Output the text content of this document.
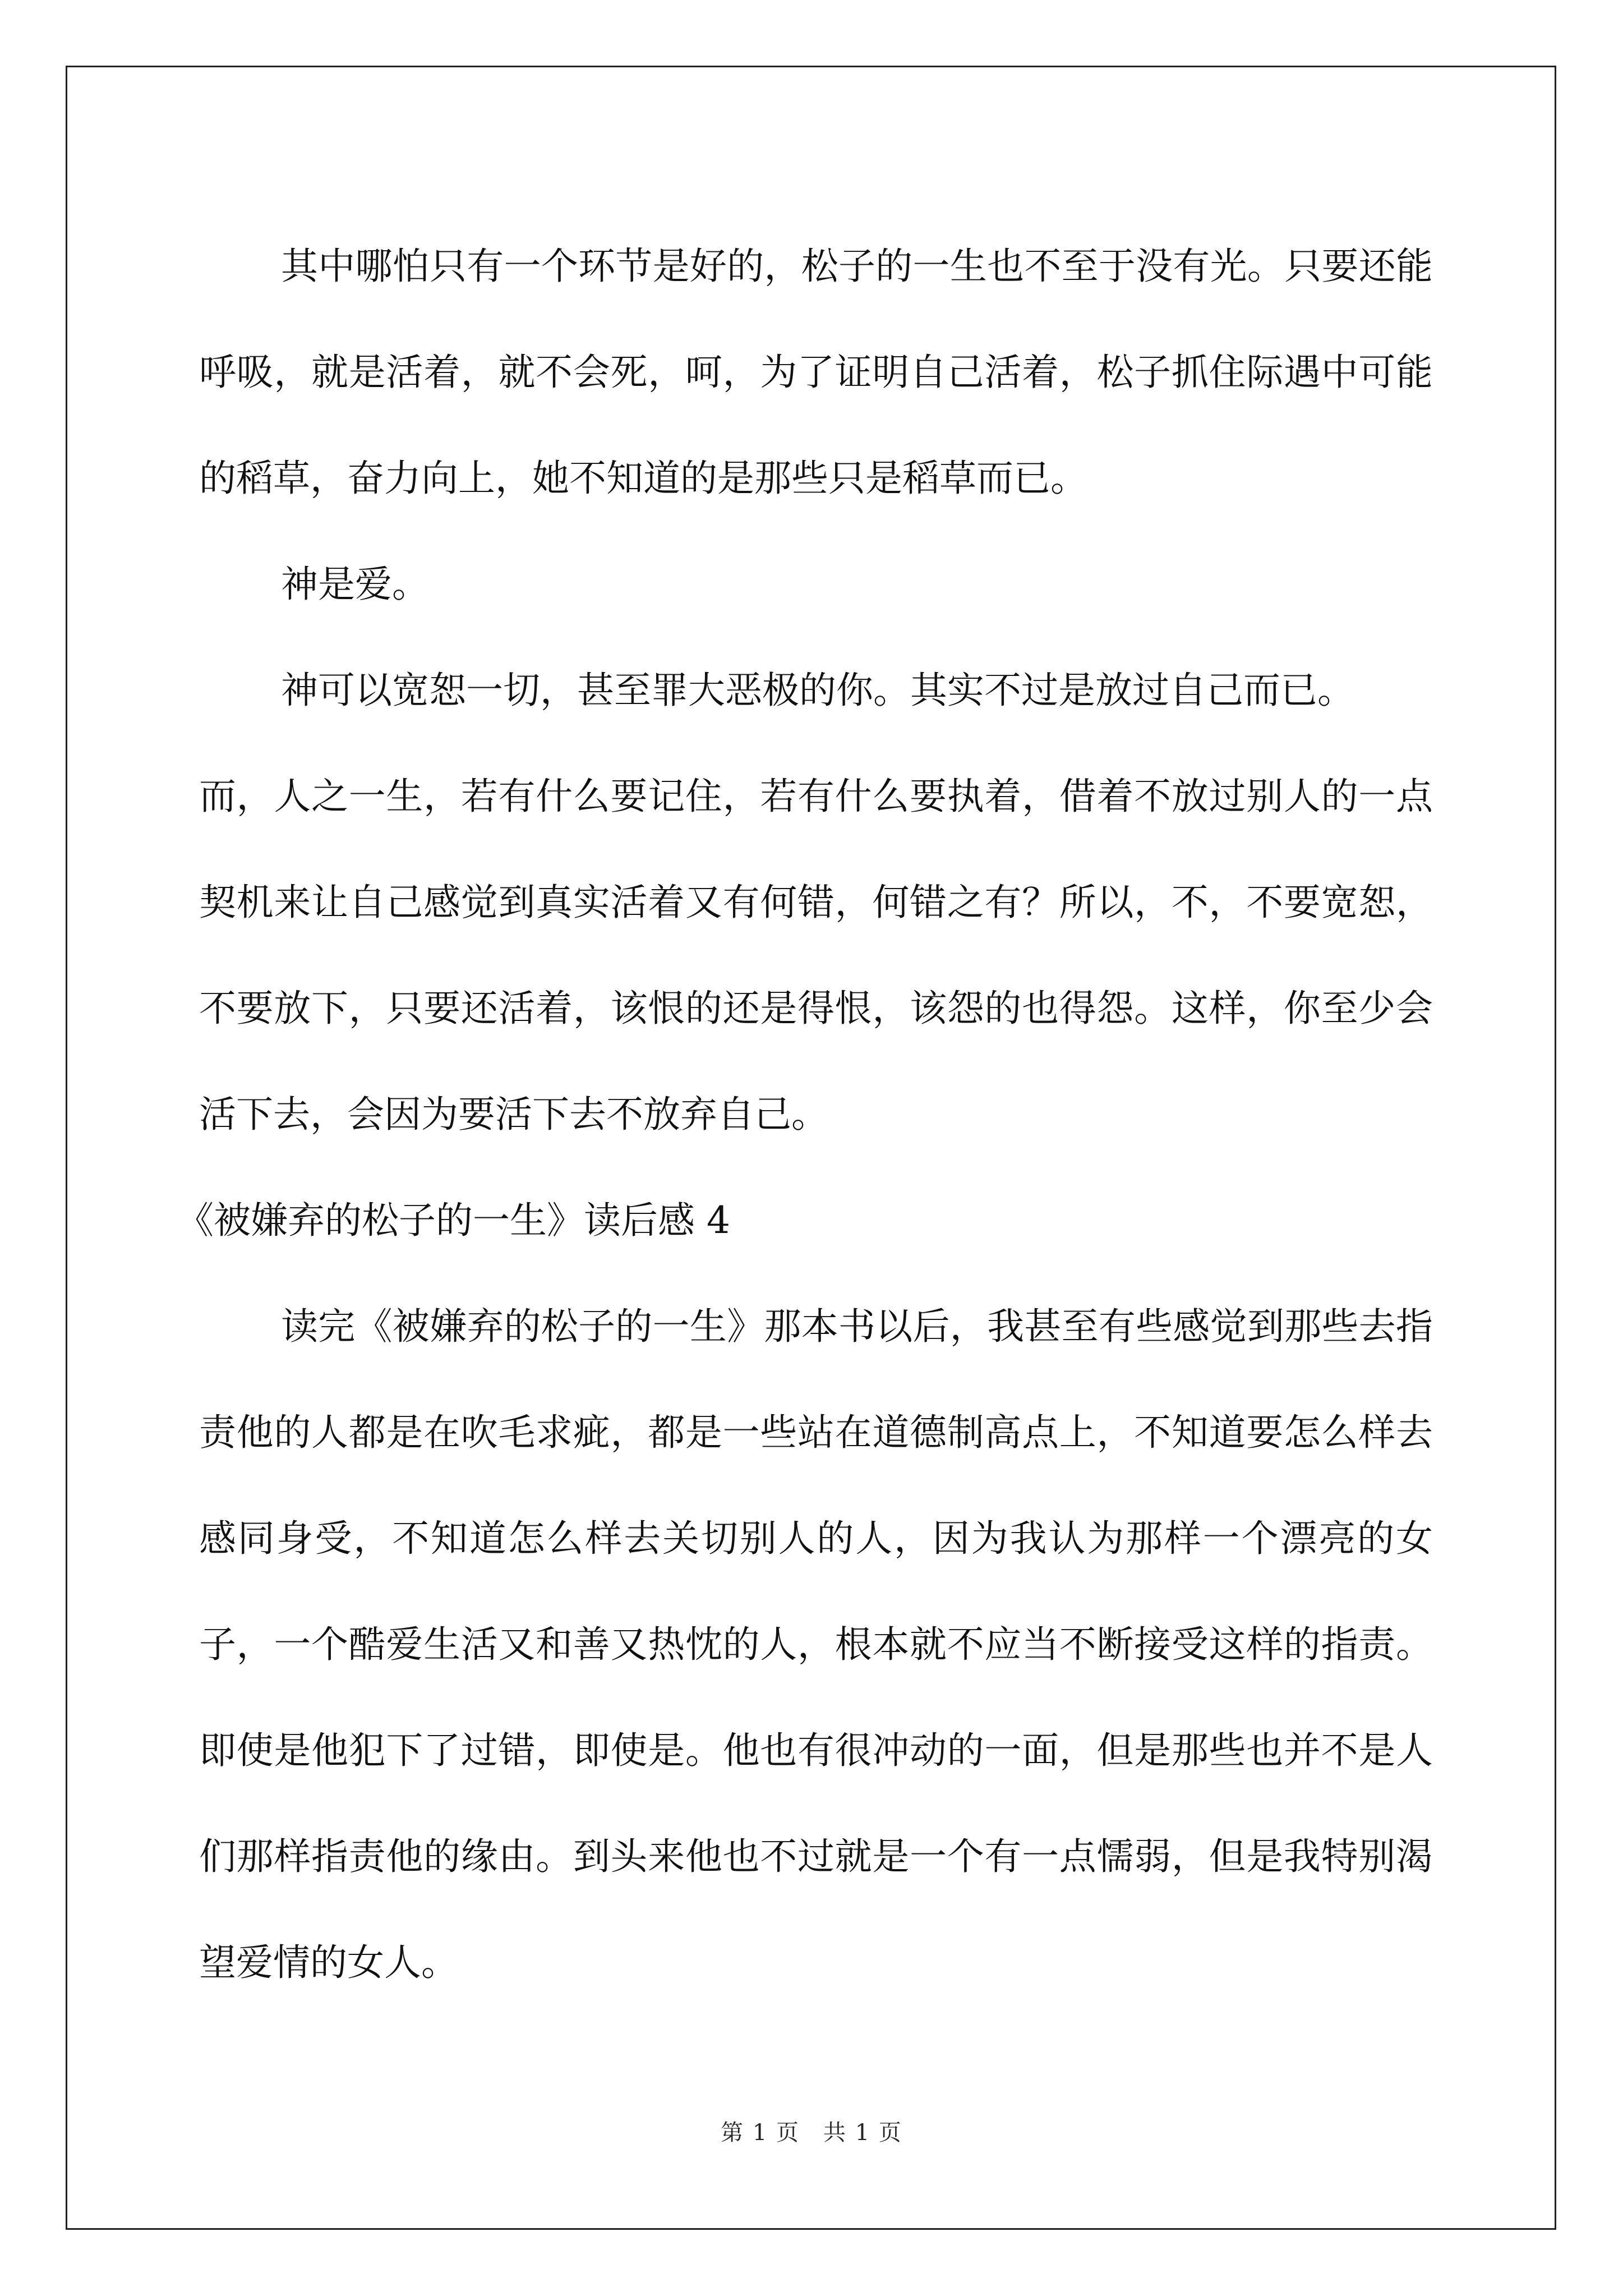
其中哪怕只有一个环节是好的，松子的一生也不至于没有光。只要还能呼吸，就是活着，就不会死，呵，为了证明自己活着，松子抓住际遇中可能的稻草，奋力向上，她不知道的是那些只是稻草而已。

神是爱。

神可以宽恕一切，甚至罪大恶极的你。其实不过是放过自己而已。

而，人之一生，若有什么要记住，若有什么要执着，借着不放过别人的一点契机来让自己感觉到真实活着又有何错，何错之有？所以，不，不要宽恕，不要放下，只要还活着，该恨的还是得恨，该怨的也得怨。这样，你至少会活下去，会因为要活下去不放弃自己。

《被嫌弃的松子的一生》读后感 4

读完《被嫌弃的松子的一生》那本书以后，我甚至有些感觉到那些去指责他的人都是在吹毛求疵，都是一些站在道德制高点上，不知道要怎么样去感同身受，不知道怎么样去关切别人的人，因为我认为那样一个漂亮的女子，一个酷爱生活又和善又热忱的人，根本就不应当不断接受这样的指责。即使是他犯下了过错，即使是。他也有很冲动的一面，但是那些也并不是人们那样指责他的缘由。到头来他也不过就是一个有一点懦弱，但是我特别渴望爱情的女人。

第 1 页　共 1 页
